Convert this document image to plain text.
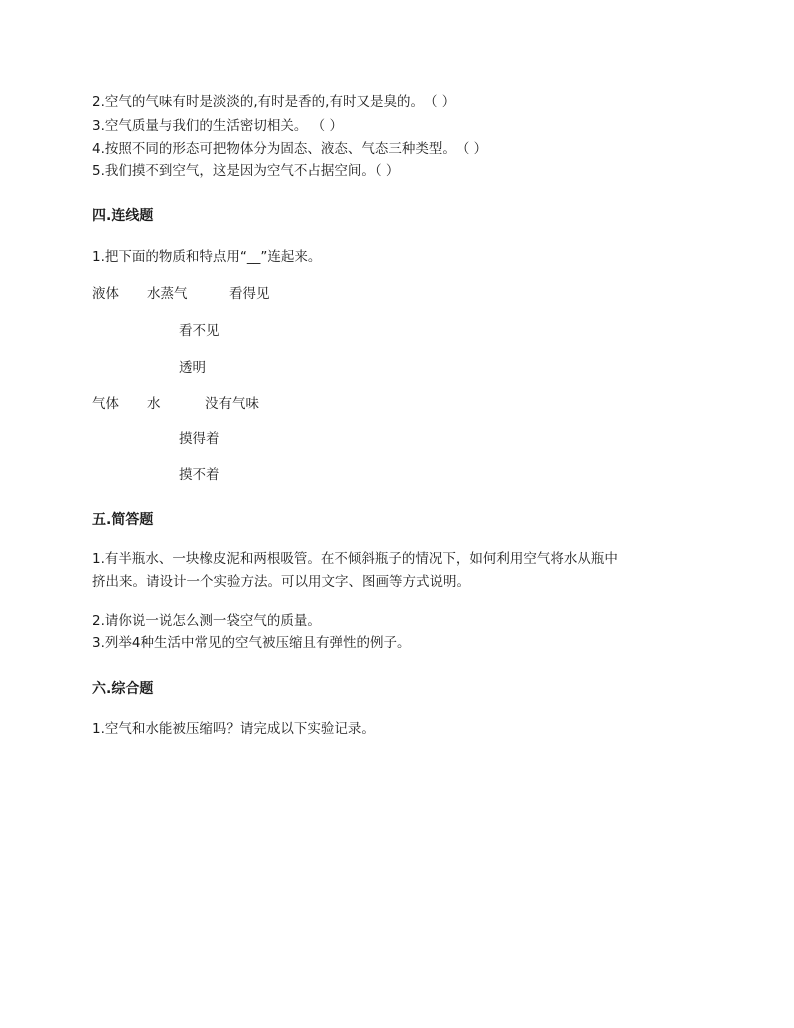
2.空气的气味有时是淡淡的,有时是香的,有时又是臭的。　（ ）
3.空气质量与我们的生活密切相关。 （ ）
4.按照不同的形态可把物体分为固态、液态、气态三种类型。　（ ）
5.我们摸不到空气，这是因为空气不占据空间。（ ）
四.连线题
1.把下面的物质和特点用“__”连起来。
液体 水蒸气	看得见
看不见
透明
气体 水	没有气味
摸得着
摸不着
五.简答题
1.有半瓶水、一块橡皮泥和两根吸管。在不倾斜瓶子的情况下，如何利用空气将水从瓶中
挤出来。请设计一个实验方法。可以用文字、图画等方式说明。
2.请你说一说怎么测一袋空气的质量。
3.列举4种生活中常见的空气被压缩且有弹性的例子。
六.综合题
1.空气和水能被压缩吗？请完成以下实验记录。
